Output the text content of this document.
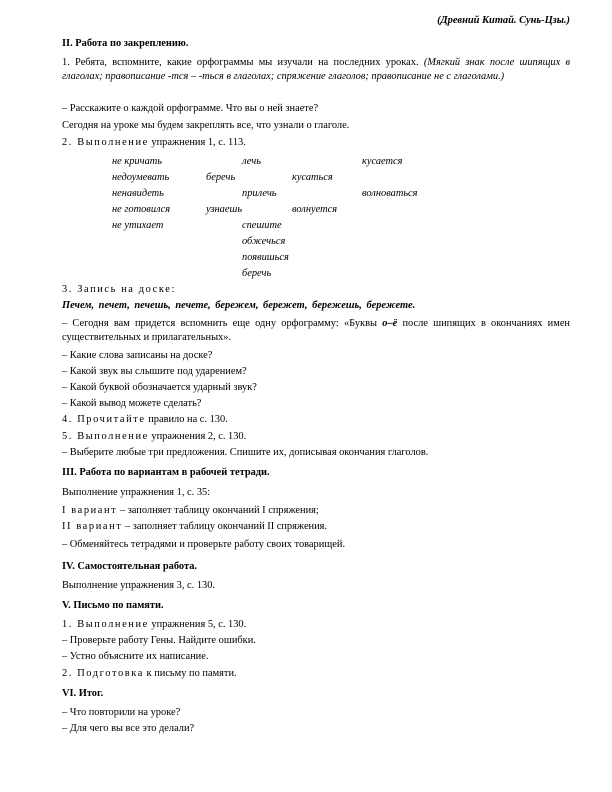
(Древний Китай. Сунь-Цзы.)
II. Работа по закреплению.
1. Ребята, вспомните, какие орфограммы мы изучали на последних уроках. (Мягкий знак после шипящих в глаголах; правописание -тся – -ться в глаголах; спряжение глаголов; правописание не с глаголами.)
– Расскажите о каждой орфограмме. Что вы о ней знаете?
Сегодня на уроке мы будем закреплять все, что узнали о глаголе.
2. Выполнение упражнения 1, с. 113.
не кричать
недоумевать
ненавидеть
не готовился
не утихает
беречь
узнаешь
лечь
прилечь
спешите
обжечься
появишься
беречь
кусаться
волнуется
кусается
волноваться
3. Запись на доске:
Печем, печет, печешь, печете, бережем, бережет, бережешь, бережете.
– Сегодня вам придется вспомнить еще одну орфограмму: «Буквы о–ё после шипящих в окончаниях имен существительных и прилагательных».
– Какие слова записаны на доске?
– Какой звук вы слышите под ударением?
– Какой буквой обозначается ударный звук?
– Какой вывод можете сделать?
4. Прочитайте правило на с. 130.
5. Выполнение упражнения 2, с. 130.
– Выберите любые три предложения. Спишите их, дописывая окончания глаголов.
III. Работа по вариантам в рабочей тетради.
Выполнение упражнения 1, с. 35:
I вариант – заполняет таблицу окончаний I спряжения;
II вариант – заполняет таблицу окончаний II спряжения.
– Обменяйтесь тетрадями и проверьте работу своих товарищей.
IV. Самостоятельная работа.
Выполнение упражнения 3, с. 130.
V. Письмо по памяти.
1. Выполнение упражнения 5, с. 130.
– Проверьте работу Гены. Найдите ошибки.
– Устно объясните их написание.
2. Подготовка к письму по памяти.
VI. Итог.
– Что повторили на уроке?
– Для чего вы все это делали?
